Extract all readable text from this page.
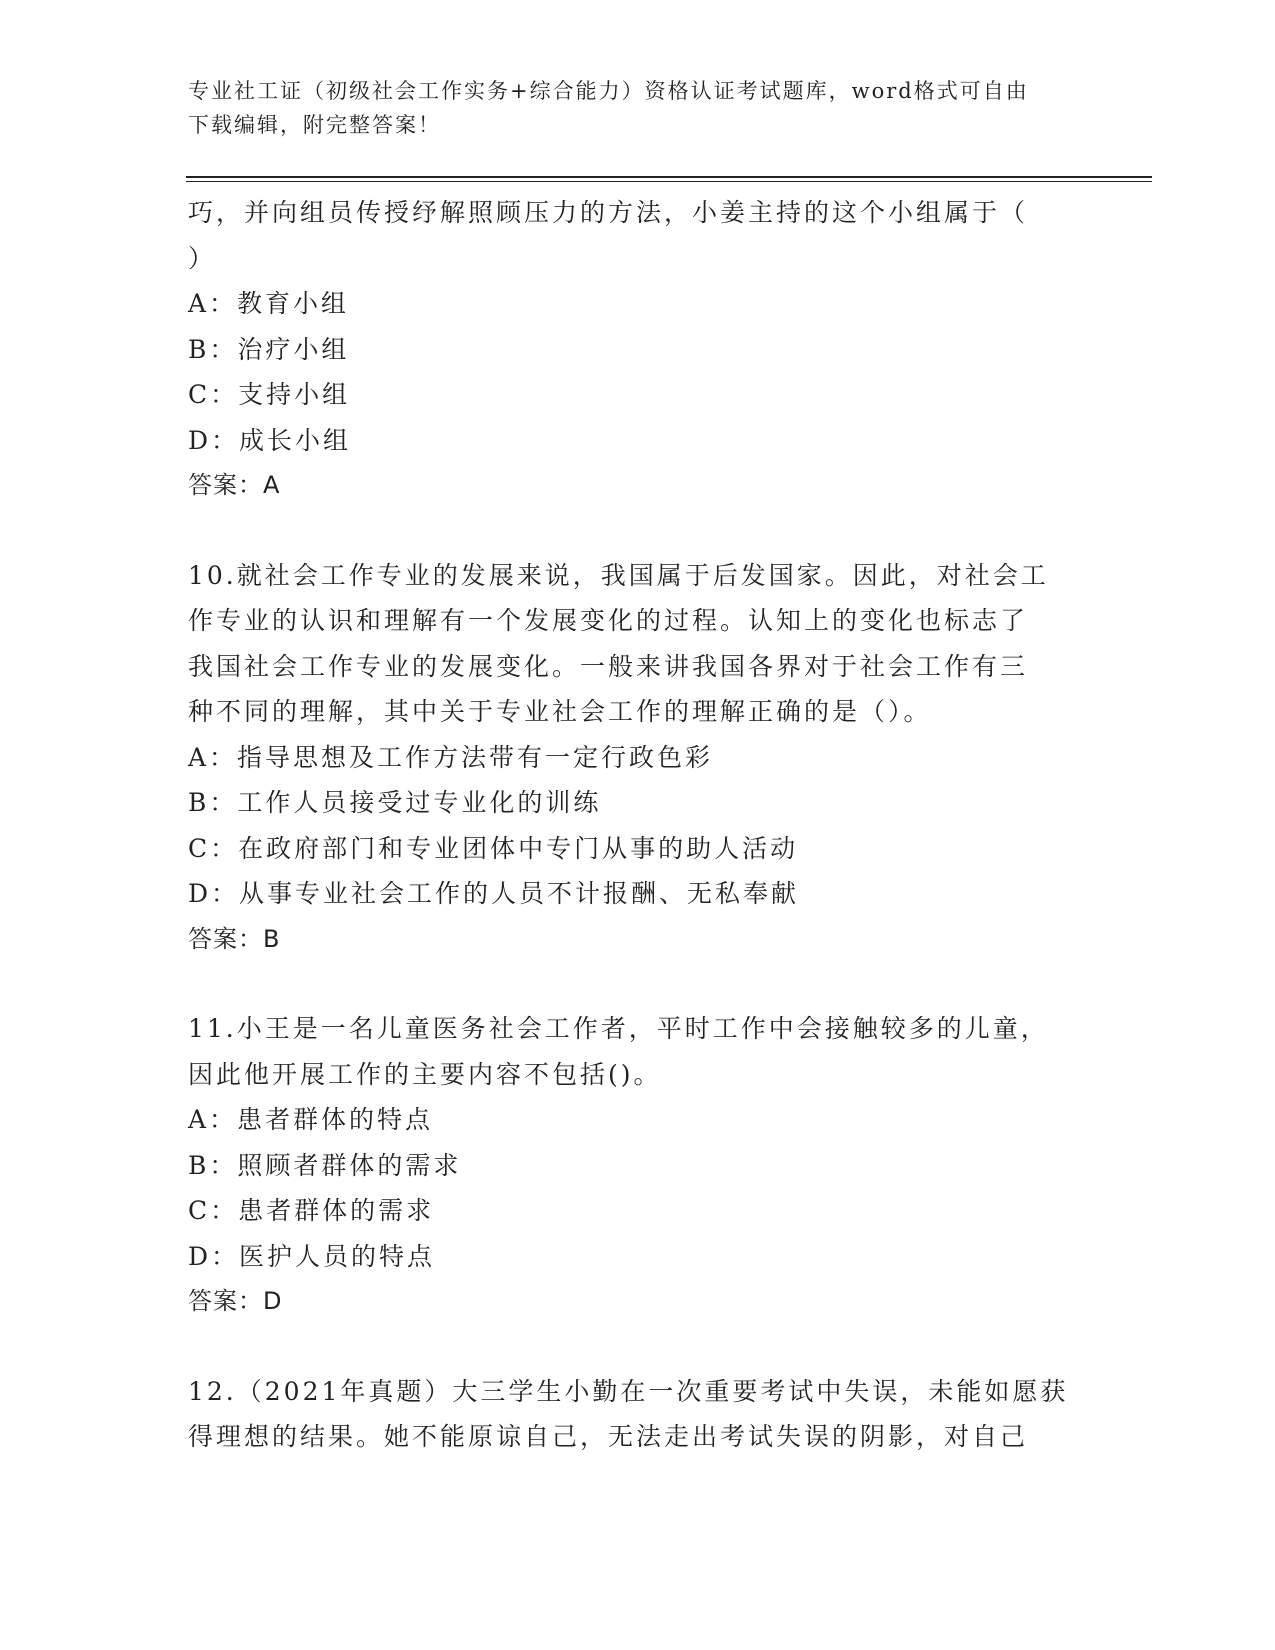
专业社工证（初级社会工作实务+综合能力）资格认证考试题库，word格式可自由
下载编辑，附完整答案！
巧，并向组员传授纾解照顾压力的方法，小姜主持的这个小组属于（
）
A：教育小组
B：治疗小组
C：支持小组
D：成长小组
答案：A
10.就社会工作专业的发展来说，我国属于后发国家。因此，对社会工
作专业的认识和理解有一个发展变化的过程。认知上的变化也标志了
我国社会工作专业的发展变化。一般来讲我国各界对于社会工作有三
种不同的理解，其中关于专业社会工作的理解正确的是（）。
A：指导思想及工作方法带有一定行政色彩
B：工作人员接受过专业化的训练
C：在政府部门和专业团体中专门从事的助人活动
D：从事专业社会工作的人员不计报酬、无私奉献
答案：B
11.小王是一名儿童医务社会工作者，平时工作中会接触较多的儿童，
因此他开展工作的主要内容不包括()。
A：患者群体的特点
B：照顾者群体的需求
C：患者群体的需求
D：医护人员的特点
答案：D
12.（2021年真题）大三学生小勤在一次重要考试中失误，未能如愿获
得理想的结果。她不能原谅自己，无法走出考试失误的阴影，对自己
